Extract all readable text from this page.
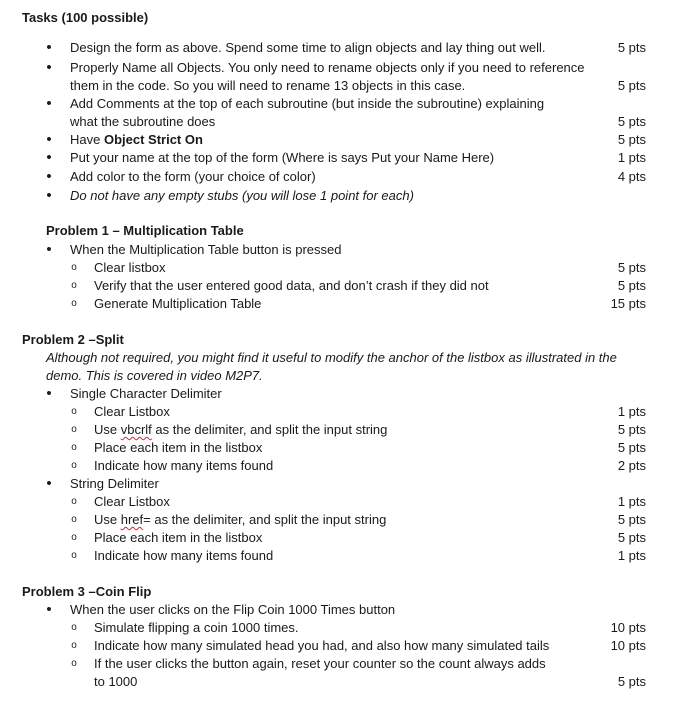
Tasks (100 possible)
• Design the form as above. Spend some time to align objects and lay thing out well.	5 pts
• Properly Name all Objects. You only need to rename objects only if you need to reference
them in the code. So you will need to rename 13 objects in this case.	5 pts
• Add Comments at the top of each subroutine (but inside the subroutine) explaining
what the subroutine does	5 pts
• Have Object Strict On	5 pts
• Put your name at the top of the form (Where is says Put your Name Here)	1 pts
• Add color to the form (your choice of color)	4 pts
• Do not have any empty stubs (you will lose 1 point for each)
Problem 1 – Multiplication Table
• When the Multiplication Table button is pressed
o Clear listbox	5 pts
o Verify that the user entered good data, and don’t crash if they did not	5 pts
o Generate Multiplication Table	15 pts
Problem 2 –Split
Although not required, you might find it useful to modify the anchor of the listbox as illustrated in the
demo. This is covered in video M2P7.
• Single Character Delimiter
o Clear Listbox	1 pts
o Use vbcrlf as the delimiter, and split the input string	5 pts
o Place each item in the listbox	5 pts
o Indicate how many items found	2 pts
• String Delimiter
o Clear Listbox	1 pts
o Use href= as the delimiter, and split the input string	5 pts
o Place each item in the listbox	5 pts
o Indicate how many items found	1 pts
Problem 3 –Coin Flip
• When the user clicks on the Flip Coin 1000 Times button
o Simulate flipping a coin 1000 times.	10 pts
o Indicate how many simulated head you had, and also how many simulated tails	10 pts
o If the user clicks the button again, reset your counter so the count always adds
to 1000	5 pts
